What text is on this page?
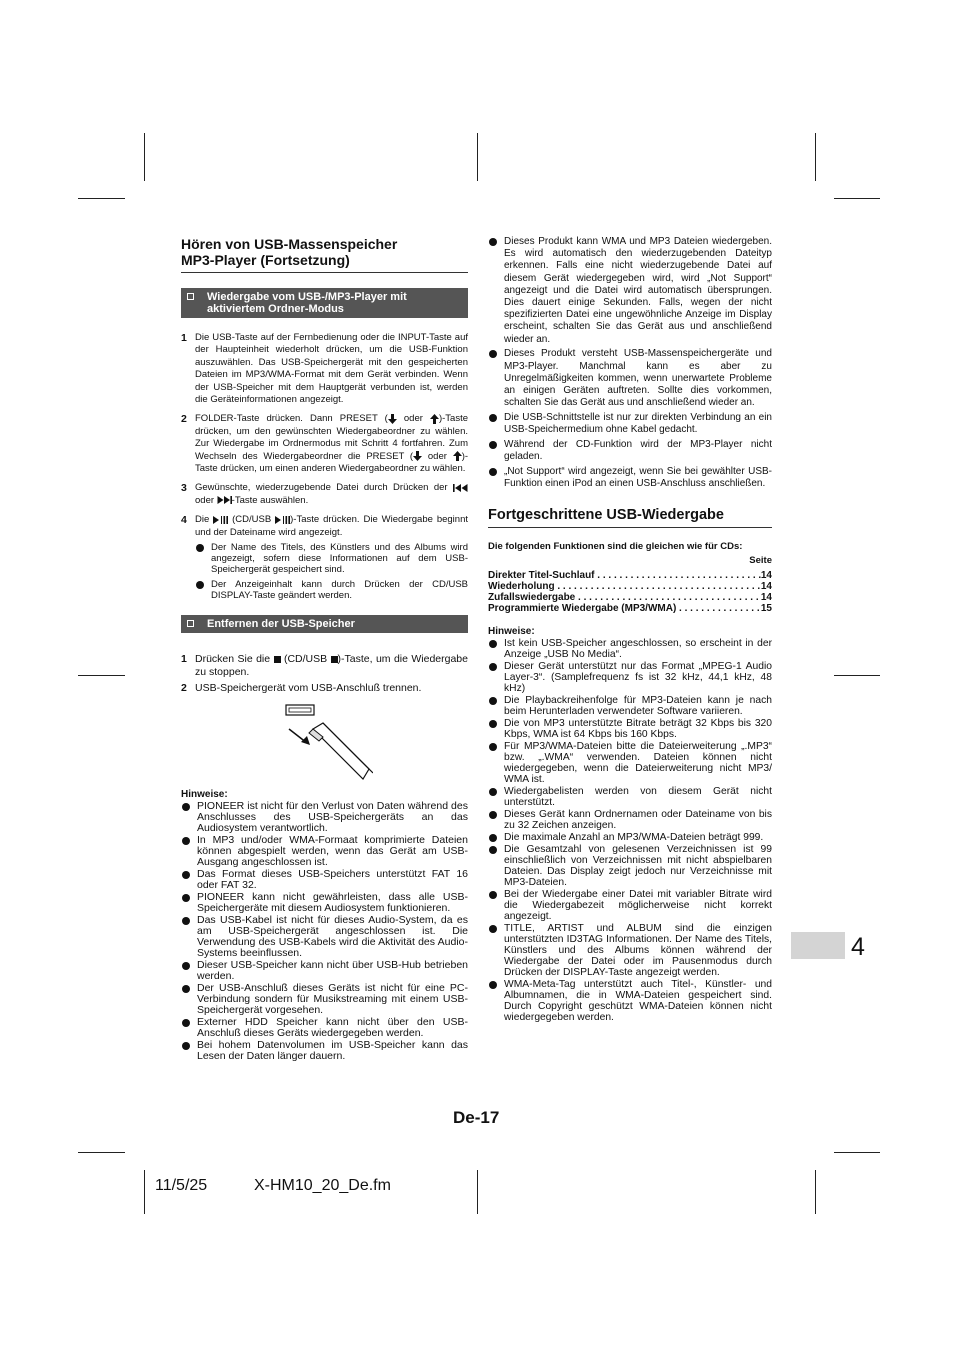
Hören von USB-Massenspeicher
MP3-Player (Fortsetzung)
Wiedergabe vom USB-/MP3-Player mit
aktiviertem Ordner-Modus
1 Die USB-Taste auf der Fernbedienung oder die INPUT-Taste auf der Haupteinheit wiederholt drücken, um die USB-Funktion auszuwählen. Das USB-Speichergerät mit den gespeicherten Dateien im MP3/WMA-Format mit dem Gerät verbinden. Wenn der USB-Speicher mit dem Hauptgerät verbunden ist, werden die Geräteinformationen angezeigt.
2 FOLDER-Taste drücken. Dann PRESET ( oder )-Taste drücken, um den gewünschten Wiedergabeordner zu wählen. Zur Wiedergabe im Ordnermodus mit Schritt 4 fortfahren. Zum Wechseln des Wiedergabeordner die PRESET ( oder )-Taste drücken, um einen anderen Wiedergabeordner zu wählen.
3 Gewünschte, wiederzugebende Datei durch Drücken der  oder -Taste auswählen.
4 Die  (CD/USB )-Taste drücken. Die Wiedergabe beginnt und der Dateiname wird angezeigt.
Der Name des Titels, des Künstlers und des Albums wird angezeigt, sofern diese Informationen auf dem USB-Speichergerät gespeichert sind.
Der Anzeigeinhalt kann durch Drücken der CD/USB DISPLAY-Taste geändert werden.
Entfernen der USB-Speicher
1 Drücken Sie die  (CD/USB )-Taste, um die Wiedergabe zu stoppen.
2 USB-Speichergerät vom USB-Anschluß trennen.
Hinweise:
PIONEER ist nicht für den Verlust von Daten während des Anschlusses des USB-Speichergeräts an das Audiosystem verantwortlich.
In MP3 und/oder WMA-Formaat komprimierte Dateien können abgespielt werden, wenn das Gerät am USB-Ausgang angeschlossen ist.
Das Format dieses USB-Speichers unterstützt FAT 16 oder FAT 32.
PIONEER kann nicht gewährleisten, dass alle USB-Speichergeräte mit diesem Audiosystem funktionieren.
Das USB-Kabel ist nicht für dieses Audio-System, da es am USB-Speichergerät angeschlossen ist. Die Verwendung des USB-Kabels wird die Aktivität des Audio-Systems beeinflussen.
Dieser USB-Speicher kann nicht über USB-Hub betrieben werden.
Der USB-Anschluß dieses Geräts ist nicht für eine PC-Verbindung sondern für Musikstreaming mit einem USB-Speichergerät vorgesehen.
Externer HDD Speicher kann nicht über den USB-Anschluß dieses Geräts wiedergegeben werden.
Bei hohem Datenvolumen im USB-Speicher kann das Lesen der Daten länger dauern.
Dieses Produkt kann WMA und MP3 Dateien wiedergeben. Es wird automatisch den wiederzugebenden Dateityp erkennen. Falls eine nicht wiederzugebende Datei auf diesem Gerät wiedergegeben wird, wird „Not Support“ angezeigt und die Datei wird automatisch übersprungen. Dies dauert einige Sekunden. Falls, wegen der nicht spezifizierten Datei eine ungewöhnliche Anzeige im Display erscheint, schalten Sie das Gerät aus und anschließend wieder an.
Dieses Produkt versteht USB-Massenspeichergeräte und MP3-Player. Manchmal kann es aber zu Unregelmäßigkeiten kommen, wenn unerwartete Probleme an einigen Geräten auftreten. Sollte dies vorkommen, schalten Sie das Gerät aus und anschließend wieder an.
Die USB-Schnittstelle ist nur zur direkten Verbindung an ein USB-Speichermedium ohne Kabel gedacht.
Während der CD-Funktion wird der MP3-Player nicht geladen.
„Not Support“ wird angezeigt, wenn Sie bei gewählter USB-Funktion einen iPod an einen USB-Anschluss anschließen.
Fortgeschrittene USB-Wiedergabe
Die folgenden Funktionen sind die gleichen wie für CDs:
Seite
Direkter Titel-Suchlauf . . .	14
Wiederholung . . .	14
Zufallswiedergabe . . .	14
Programmierte Wiedergabe (MP3/WMA) . . .	15
Hinweise:
Ist kein USB-Speicher angeschlossen, so erscheint in der Anzeige „USB No Media“.
Dieser Gerät unterstützt nur das Format „MPEG-1 Audio Layer-3“. (Samplefrequenz fs ist 32 kHz, 44,1 kHz, 48 kHz)
Die Playbackreihenfolge für MP3-Dateien kann je nach beim Herunterladen verwendeter Software variieren.
Die von MP3 unterstützte Bitrate beträgt 32 Kbps bis 320 Kbps, WMA ist 64 Kbps bis 160 Kbps.
Für MP3/WMA-Dateien bitte die Dateierweiterung „.MP3“ bzw. „.WMA“ verwenden. Dateien können nicht wiedergegeben, wenn die Dateierweiterung nicht MP3/ WMA ist.
Wiedergabelisten werden von diesem Gerät nicht unterstützt.
Dieses Gerät kann Ordnernamen oder Dateiname von bis zu 32 Zeichen anzeigen.
Die maximale Anzahl an MP3/WMA-Dateien beträgt 999.
Die Gesamtzahl von gelesenen Verzeichnissen ist 99 einschließlich von Verzeichnissen mit nicht abspielbaren Dateien. Das Display zeigt jedoch nur Verzeichnisse mit MP3-Dateien.
Bei der Wiedergabe einer Datei mit variabler Bitrate wird die Wiedergabezeit möglicherweise nicht korrekt angezeigt.
TITLE, ARTIST und ALBUM sind die einzigen unterstützten ID3TAG Informationen. Der Name des Titels, Künstlers und des Albums können während der Wiedergabe der Datei oder im Pausenmodus durch Drücken der DISPLAY-Taste angezeigt werden.
WMA-Meta-Tag unterstützt auch Titel-, Künstler- und Albumnamen, die in WMA-Dateien gespeichert sind. Durch Copyright geschützt WMA-Dateien können nicht wiedergegeben werden.
4
De-17
11/5/25	X-HM10_20_De.fm
